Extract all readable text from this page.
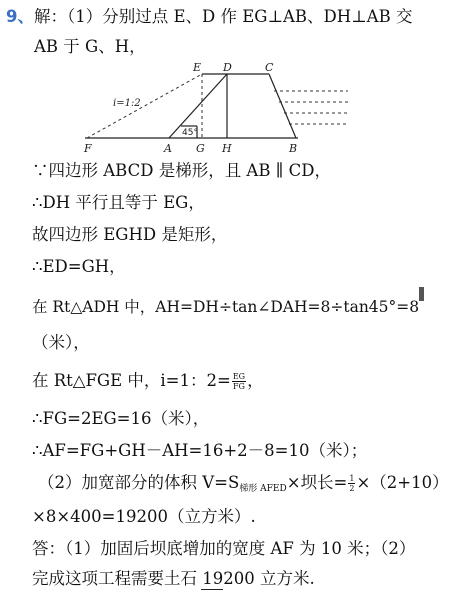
9、解：（1）分别过点 E、D 作 EG⊥AB、DH⊥AB 交
AB 于 G、H，
E D	C
F	A G H	B
i=1:2
45°
∵四边形 ABCD 是梯形，且 AB ∥ CD，
∴DH 平行且等于 EG，
故四边形 EGHD 是矩形，
∴ED=GH，
在 Rt△ADH 中，AH=DH÷tan∠DAH=8÷tan45°=8
（米），
在 Rt△FGE 中，i=1：$2= \frac{EG}{FG}$ ，
∴FG=2EG=16（米），
∴AF=FG+GH－AH=16+2－8=10（米）；
（2）加宽部分的体积 $V=S_{梯形 AFED}\times$坝长= $\frac{1}{2} \times(2+10)$
×8×400=19200（立方米）.
答：（1）加固后坝底增加的宽度 AF 为 10 米；（2）
完成这项工程需要土石 19200 立方米.
